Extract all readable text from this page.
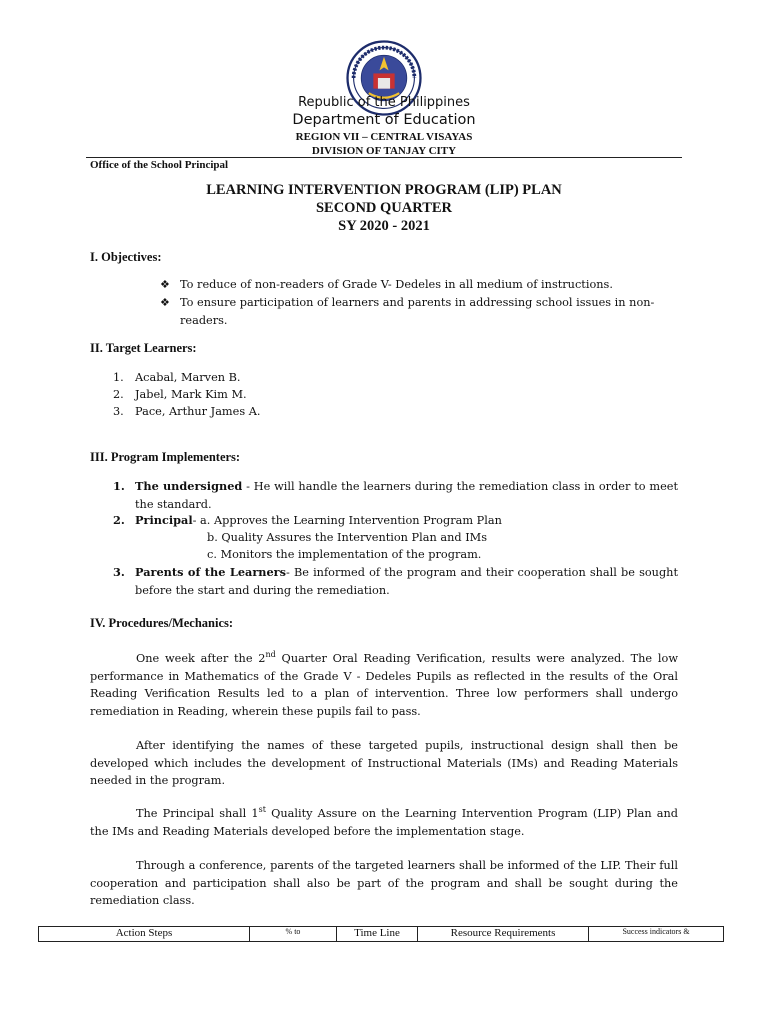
Republic of the Philippines
Department of Education
REGION VII – CENTRAL VISAYAS
DIVISION OF TANJAY CITY
Office of the School Principal
LEARNING INTERVENTION PROGRAM (LIP) PLAN
SECOND QUARTER
SY 2020 - 2021
I. Objectives:
❖ To reduce of non-readers of Grade V- Dedeles in all medium of instructions.
❖ To ensure participation of learners and parents in addressing school issues in non-readers.
II. Target Learners:
1. Acabal, Marven B.
2. Jabel, Mark Kim M.
3. Pace, Arthur James A.
III. Program Implementers:
1. The undersigned - He will handle the learners during the remediation class in order to meet the standard.
2. Principal- a. Approves the Learning Intervention Program Plan
b. Quality Assures the Intervention Plan and IMs
c. Monitors the implementation of the program.
3. Parents of the Learners- Be informed of the program and their cooperation shall be sought before the start and during the remediation.
IV. Procedures/Mechanics:
One week after the 2nd Quarter Oral Reading Verification, results were analyzed. The low performance in Mathematics of the Grade V - Dedeles Pupils as reflected in the results of the Oral Reading Verification Results led to a plan of intervention. Three low performers shall undergo remediation in Reading, wherein these pupils fail to pass.
After identifying the names of these targeted pupils, instructional design shall then be developed which includes the development of Instructional Materials (IMs) and Reading Materials needed in the program.
The Principal shall 1st Quality Assure on the Learning Intervention Program (LIP) Plan and the IMs and Reading Materials developed before the implementation stage.
Through a conference, parents of the targeted learners shall be informed of the LIP. Their full cooperation and participation shall also be part of the program and shall be sought during the remediation class.
Action Steps	% to	Time Line	Resource Requirements	Success indicators &
